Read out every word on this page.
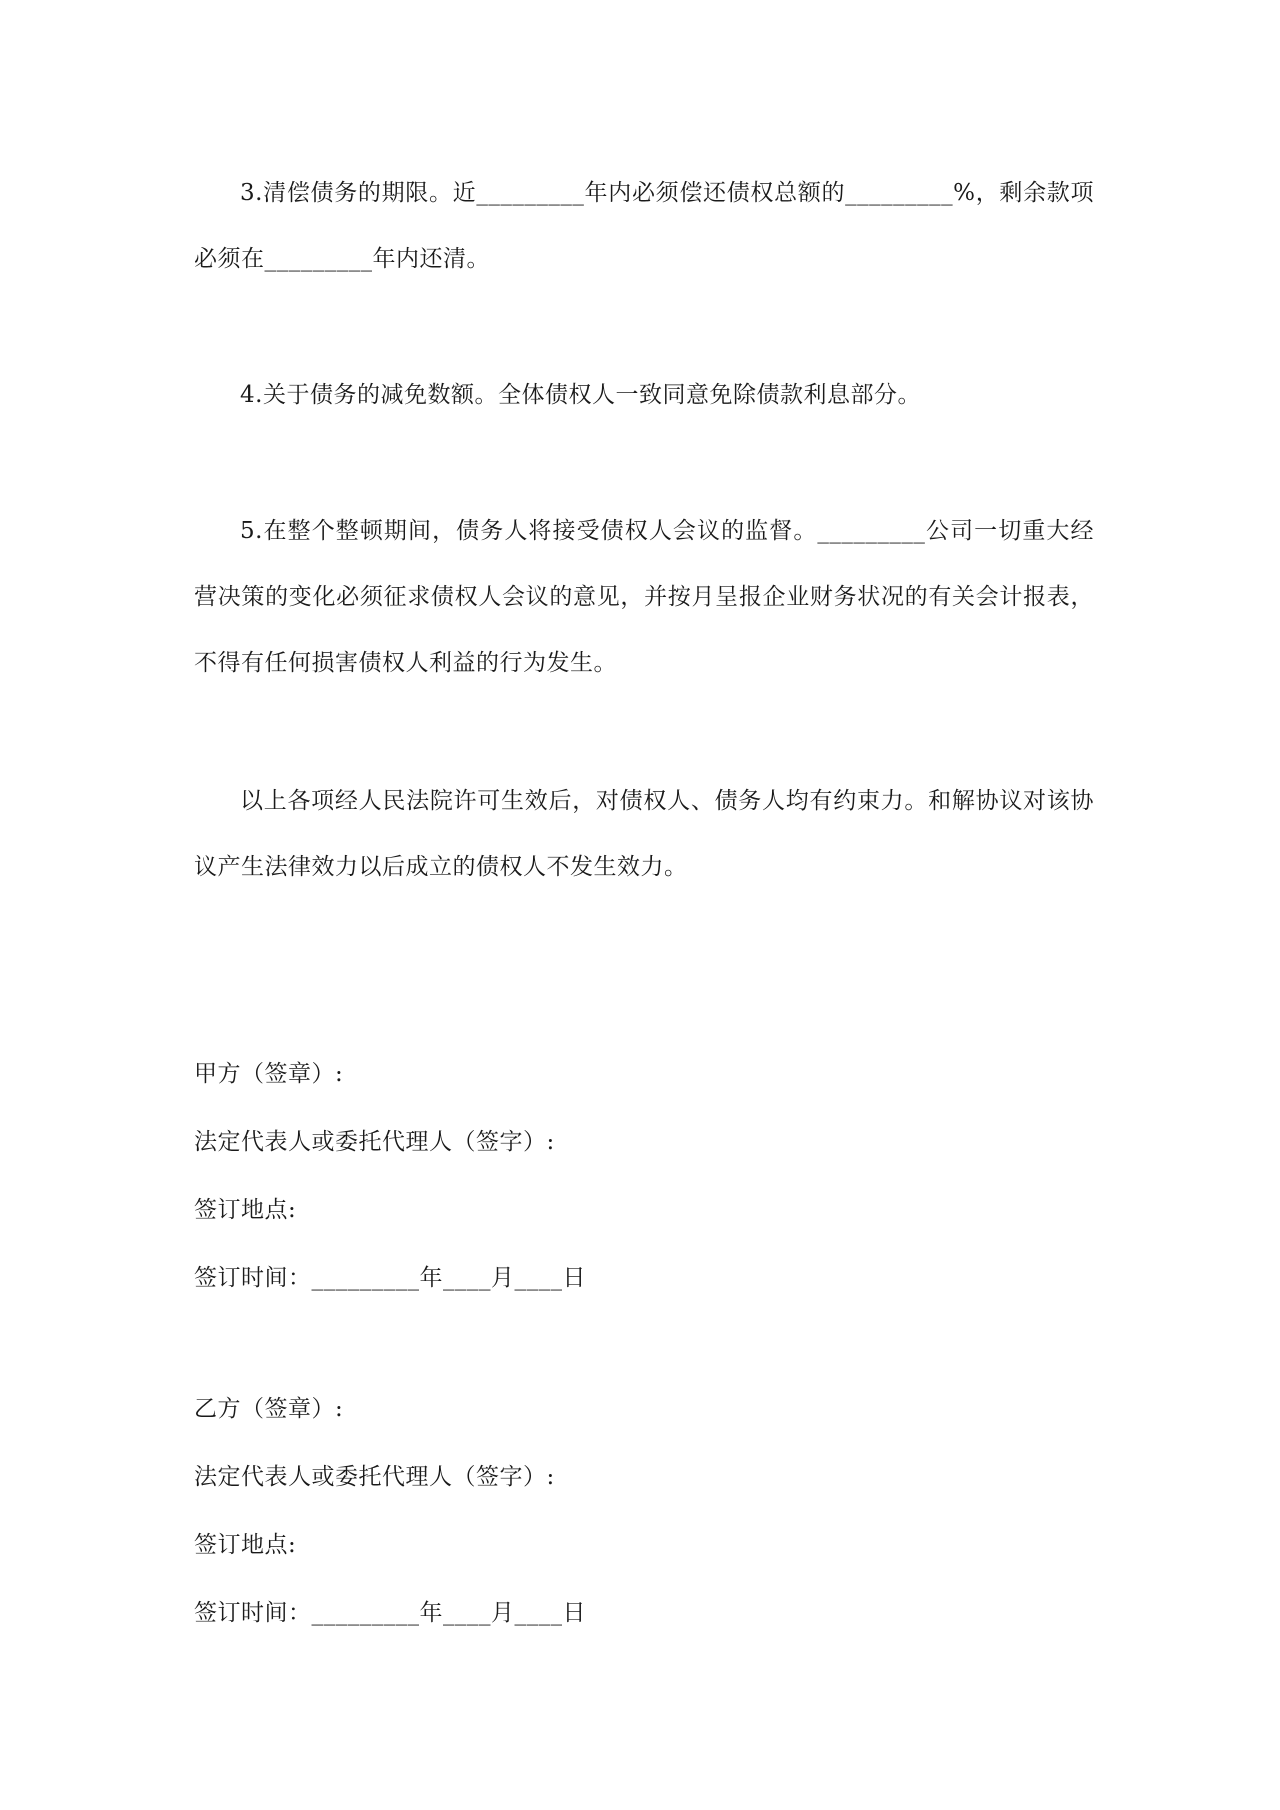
3.清偿债务的期限。近_________年内必须偿还债权总额的_________%，剩余款项必须在_________年内还清。

4.关于债务的减免数额。全体债权人一致同意免除债款利息部分。

5.在整个整顿期间，债务人将接受债权人会议的监督。_________公司一切重大经营决策的变化必须征求债权人会议的意见，并按月呈报企业财务状况的有关会计报表，不得有任何损害债权人利益的行为发生。

以上各项经人民法院许可生效后，对债权人、债务人均有约束力。和解协议对该协议产生法律效力以后成立的债权人不发生效力。

甲方（签章）:

法定代表人或委托代理人（签字）:

签订地点:

签订时间：_________年____月____日

乙方（签章）:

法定代表人或委托代理人（签字）:

签订地点:

签订时间：_________年____月____日
